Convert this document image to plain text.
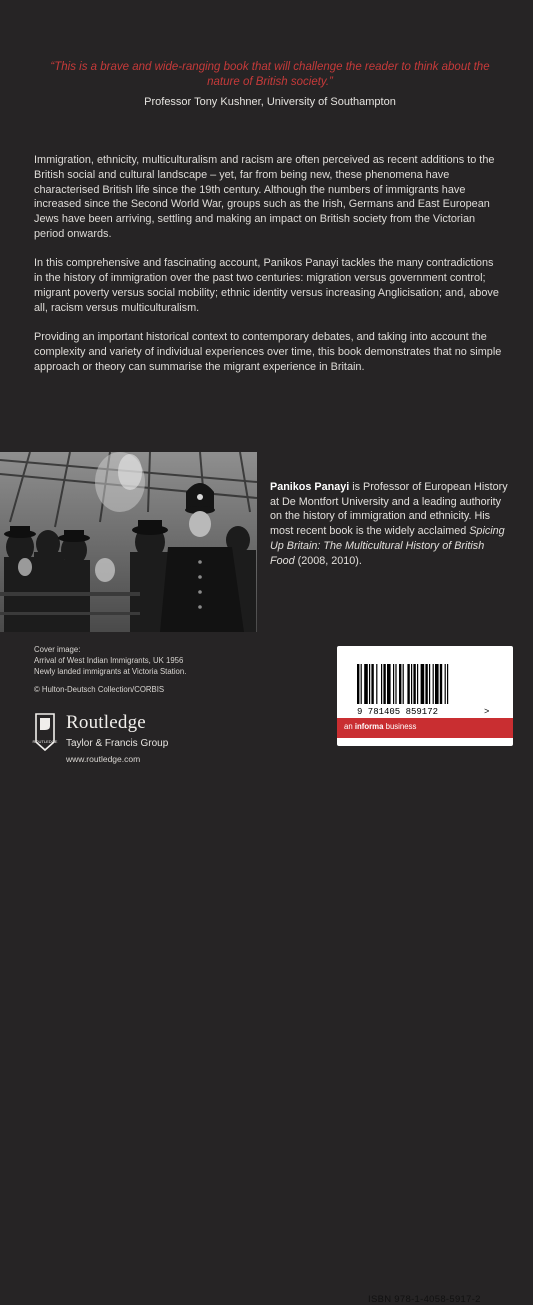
“This is a brave and wide-ranging book that will challenge the reader to think about the nature of British society.”
Professor Tony Kushner, University of Southampton

Immigration, ethnicity, multiculturalism and racism are often perceived as recent additions to the British social and cultural landscape – yet, far from being new, these phenomena have characterised British life since the 19th century. Although the numbers of immigrants have increased since the Second World War, groups such as the Irish, Germans and East European Jews have been arriving, settling and making an impact on British society from the Victorian period onwards.

In this comprehensive and fascinating account, Panikos Panayi tackles the many contradictions in the history of immigration over the past two centuries: migration versus government control; migrant poverty versus social mobility; ethnic identity versus increasing Anglicisation; and, above all, racism versus multiculturalism.

Providing an important historical context to contemporary debates, and taking into account the complexity and variety of individual experiences over time, this book demonstrates that no simple approach or theory can summarise the migrant experience in Britain.

Panikos Panayi is Professor of European History at De Montfort University and a leading authority on the history of immigration and ethnicity. His most recent book is the widely acclaimed Spicing Up Britain: The Multicultural History of British Food (2008, 2010).
Cover image:
Arrival of West Indian Immigrants, UK 1956
Newly landed immigrants at Victoria Station.
© Hulton-Deutsch Collection/CORBIS
ROUTLEDGE
Routledge
Taylor & Francis Group
www.routledge.com
ISBN 978-1-4058-5917-2
9 781405 859172	>
an informa business
